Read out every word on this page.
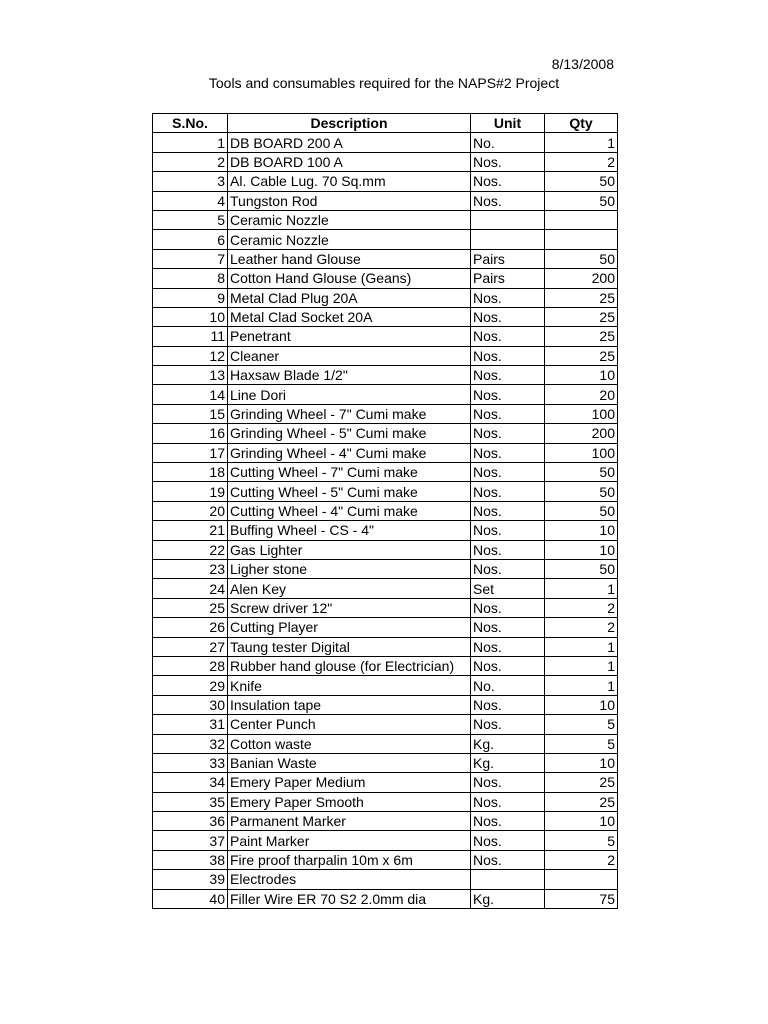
8/13/2008
Tools and consumables required for the NAPS#2 Project
S.No.	Description	Unit	Qty
1	DB BOARD 200 A	No.	1
2	DB BOARD 100 A	Nos.	2
3	Al. Cable Lug. 70 Sq.mm	Nos.	50
4	Tungston Rod	Nos.	50
5	Ceramic Nozzle		
6	Ceramic Nozzle		
7	Leather hand Glouse	Pairs	50
8	Cotton Hand Glouse (Geans)	Pairs	200
9	Metal Clad Plug 20A	Nos.	25
10	Metal Clad Socket 20A	Nos.	25
11	Penetrant	Nos.	25
12	Cleaner	Nos.	25
13	Haxsaw Blade 1/2"	Nos.	10
14	Line Dori	Nos.	20
15	Grinding Wheel - 7" Cumi make	Nos.	100
16	Grinding Wheel - 5" Cumi make	Nos.	200
17	Grinding Wheel - 4" Cumi make	Nos.	100
18	Cutting Wheel - 7" Cumi make	Nos.	50
19	Cutting Wheel - 5" Cumi make	Nos.	50
20	Cutting Wheel - 4" Cumi make	Nos.	50
21	Buffing Wheel - CS - 4"	Nos.	10
22	Gas Lighter	Nos.	10
23	Ligher stone	Nos.	50
24	Alen Key	Set	1
25	Screw driver 12"	Nos.	2
26	Cutting Player	Nos.	2
27	Taung tester Digital	Nos.	1
28	Rubber hand glouse (for Electrician)	Nos.	1
29	Knife	No.	1
30	Insulation tape	Nos.	10
31	Center Punch	Nos.	5
32	Cotton waste	Kg.	5
33	Banian Waste	Kg.	10
34	Emery Paper Medium	Nos.	25
35	Emery Paper Smooth	Nos.	25
36	Parmanent Marker	Nos.	10
37	Paint Marker	Nos.	5
38	Fire proof tharpalin 10m x 6m	Nos.	2
39	Electrodes		
40	Filler Wire ER 70 S2 2.0mm dia	Kg.	75
